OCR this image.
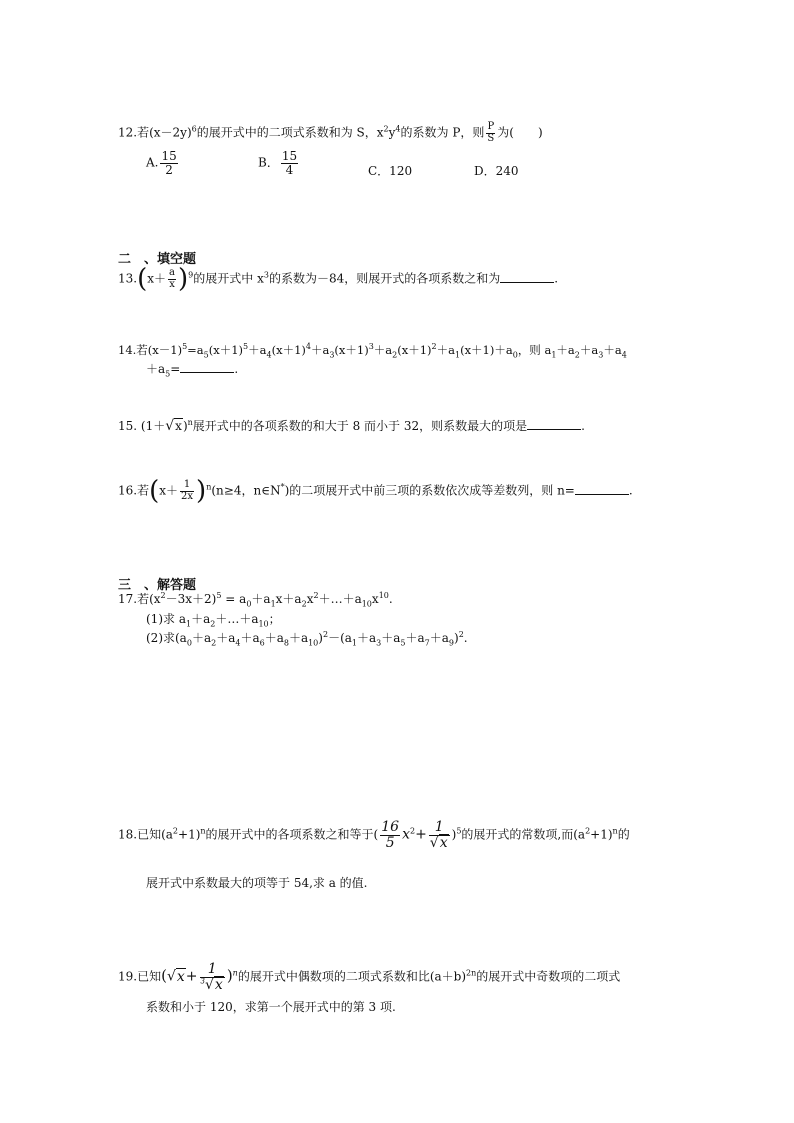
12.若$(x-2y)^6$的展开式中的二项式系数和为 S，$x^2y^4$的系数为 P，则 $\frac{P}{S}$ 为(　　)
A. $\frac{15}{2}$	B． $\frac{15}{4}$	C．120	D．240
二　、填空题
$13.(x+ \frac{a}{x} )^9$的展开式中 $x^3$的系数为－84，则展开式的各项系数之和为	.
14.若$(x-1)^5=a_5(x+1)^5+a_4(x+1)^4+a_3(x+1)^3+a_2(x+1)^2+a_1(x+1)+a_0$，则 $a_1+a_2+a_3+a_4$
$+a_5=$	.
15. $(1+√x)^n$展开式中的各项系数的和大于 8 而小于 32，则系数最大的项是	.
16.若$(x+ \frac{1}{2x} )^n(n\ge 4$，n∈N*)的二项展开式中前三项的系数依次成等差数列，则 n=	.
三　、解答题
17.若$(x^2-3x+2)^5$ = $a_0+a_1x+a_2x^2+\dots+a_{10}x^{10}$.
(1)求 $a_1+a_2+\dots+a_{10}$；
(2)求$(a_0+a_2+a_4+a_6+a_8+a_{10})^2-(a_1+a_3+a_5+a_7+a_9)^2$.
18.已知$(a^2+1)^n$的展开式中的各项系数之和等于( $\frac{16}{5} x^2+ \frac{1}{√x} )^5$的展开式的常数项,而$(a^2+1)^n$的
展开式中系数最大的项等于 54,求 a 的值.
19.已知$(√x+ \frac{1}{^3√x} )^n$的展开式中偶数项的二项式系数和比$(a+b)^{2n}$的展开式中奇数项的二项式
系数和小于 120，求第一个展开式中的第 3 项.
